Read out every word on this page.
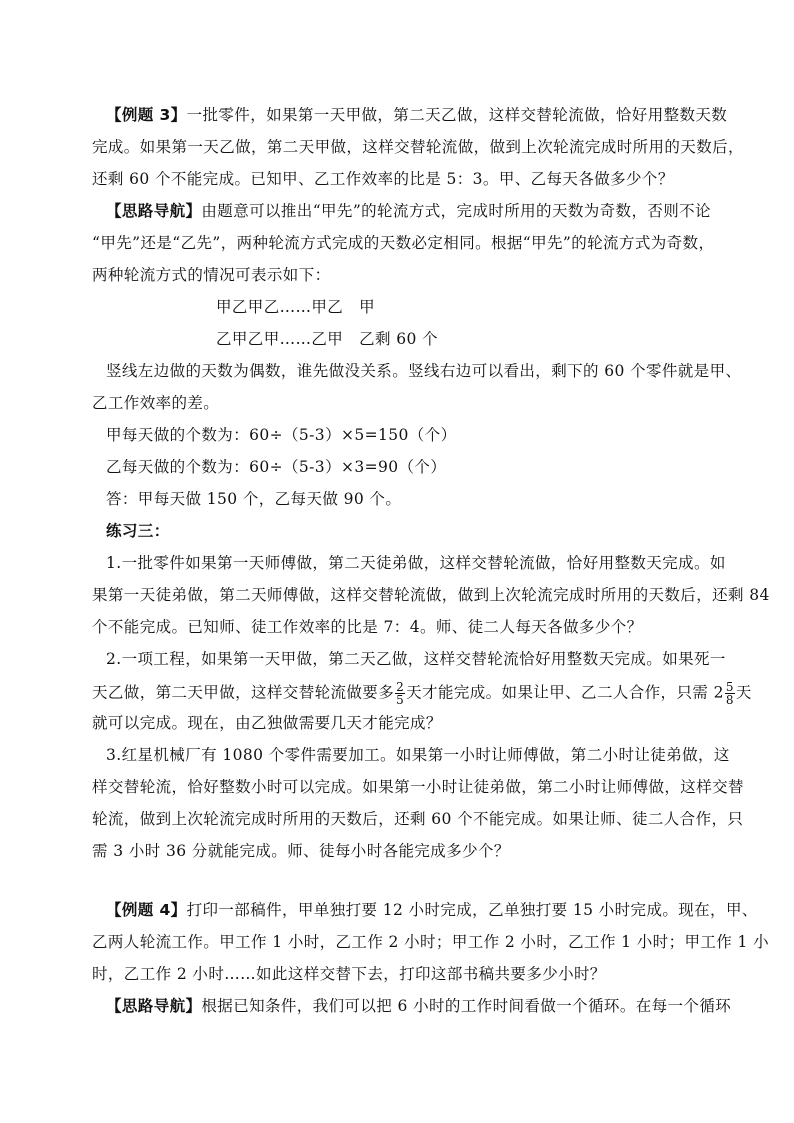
【例题 3】一批零件，如果第一天甲做，第二天乙做，这样交替轮流做，恰好用整数天数
完成。如果第一天乙做，第二天甲做，这样交替轮流做，做到上次轮流完成时所用的天数后，
还剩 60 个不能完成。已知甲、乙工作效率的比是 5：3。甲、乙每天各做多少个？
【思路导航】由题意可以推出“甲先”的轮流方式，完成时所用的天数为奇数，否则不论
“甲先”还是“乙先”，两种轮流方式完成的天数必定相同。根据“甲先”的轮流方式为奇数，
两种轮流方式的情况可表示如下：
甲乙甲乙……甲乙　甲
乙甲乙甲……乙甲　乙剩 60 个
竖线左边做的天数为偶数，谁先做没关系。竖线右边可以看出，剩下的 60 个零件就是甲、
乙工作效率的差。
甲每天做的个数为：60÷（5-3）×5=150（个）
乙每天做的个数为：60÷（5-3）×3=90（个）
答：甲每天做 150 个，乙每天做 90 个。
练习三：
1.一批零件如果第一天师傅做，第二天徒弟做，这样交替轮流做，恰好用整数天完成。如
果第一天徒弟做，第二天师傅做，这样交替轮流做，做到上次轮流完成时所用的天数后，还剩 84
个不能完成。已知师、徒工作效率的比是 7：4。师、徒二人每天各做多少个？
2.一项工程，如果第一天甲做，第二天乙做，这样交替轮流恰好用整数天完成。如果死一
天乙做，第二天甲做，这样交替轮流做要多 $\frac{2}{5}$ 天才能完成。如果让甲、乙二人合作，只需 $2 \frac{5}{8}$ 天
就可以完成。现在，由乙独做需要几天才能完成？
3.红星机械厂有 1080 个零件需要加工。如果第一小时让师傅做，第二小时让徒弟做，这
样交替轮流，恰好整数小时可以完成。如果第一小时让徒弟做，第二小时让师傅做，这样交替
轮流，做到上次轮流完成时所用的天数后，还剩 60 个不能完成。如果让师、徒二人合作，只
需 3 小时 36 分就能完成。师、徒每小时各能完成多少个？
【例题 4】打印一部稿件，甲单独打要 12 小时完成，乙单独打要 15 小时完成。现在，甲、
乙两人轮流工作。甲工作 1 小时，乙工作 2 小时；甲工作 2 小时，乙工作 1 小时；甲工作 1 小
时，乙工作 2 小时……如此这样交替下去，打印这部书稿共要多少小时？
【思路导航】根据已知条件，我们可以把 6 小时的工作时间看做一个循环。在每一个循环
